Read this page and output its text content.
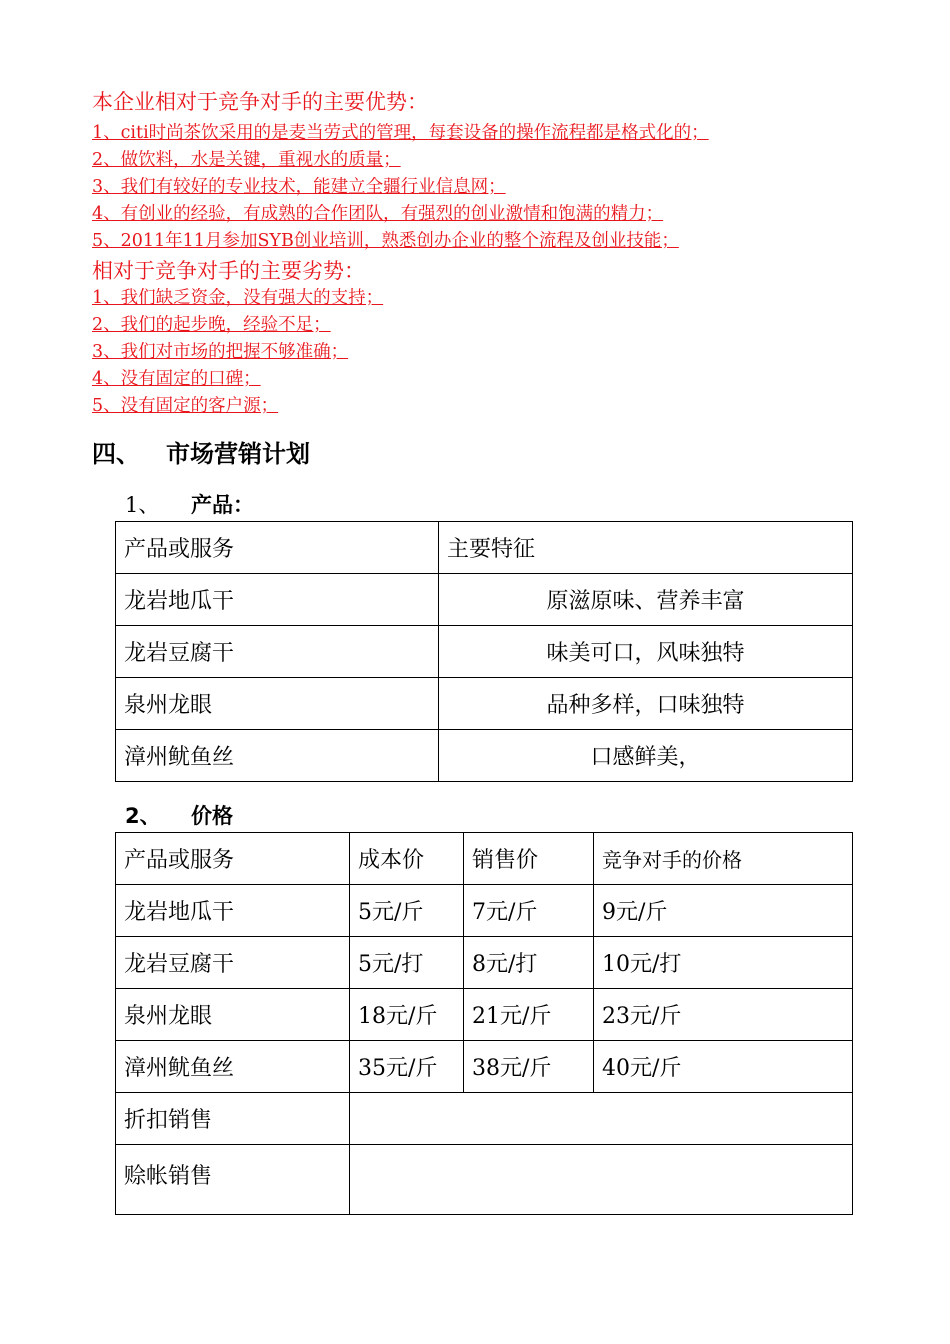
本企业相对于竞争对手的主要优势：
1、citi时尚茶饮采用的是麦当劳式的管理，每套设备的操作流程都是格式化的；
2、做饮料，水是关键，重视水的质量；
3、我们有较好的专业技术，能建立全疆行业信息网；
4、有创业的经验，有成熟的合作团队，有强烈的创业激情和饱满的精力；
5、2011年11月参加SYB创业培训，熟悉创办企业的整个流程及创业技能；
相对于竞争对手的主要劣势：
1、我们缺乏资金，没有强大的支持；
2、我们的起步晚，经验不足；
3、我们对市场的把握不够准确；
4、没有固定的口碑；
5、没有固定的客户源；
四、 市场营销计划
1、 产品：
产品或服务	主要特征
龙岩地瓜干	原滋原味、营养丰富
龙岩豆腐干	味美可口，风味独特
泉州龙眼	品种多样，口味独特
漳州鱿鱼丝	口感鲜美，
2、 价格
产品或服务	成本价	销售价	竞争对手的价格
龙岩地瓜干	5元/斤	7元/斤	9元/斤
龙岩豆腐干	5元/打	8元/打	10元/打
泉州龙眼	18元/斤	21元/斤	23元/斤
漳州鱿鱼丝	35元/斤	38元/斤	40元/斤
折扣销售			
赊帐销售			
